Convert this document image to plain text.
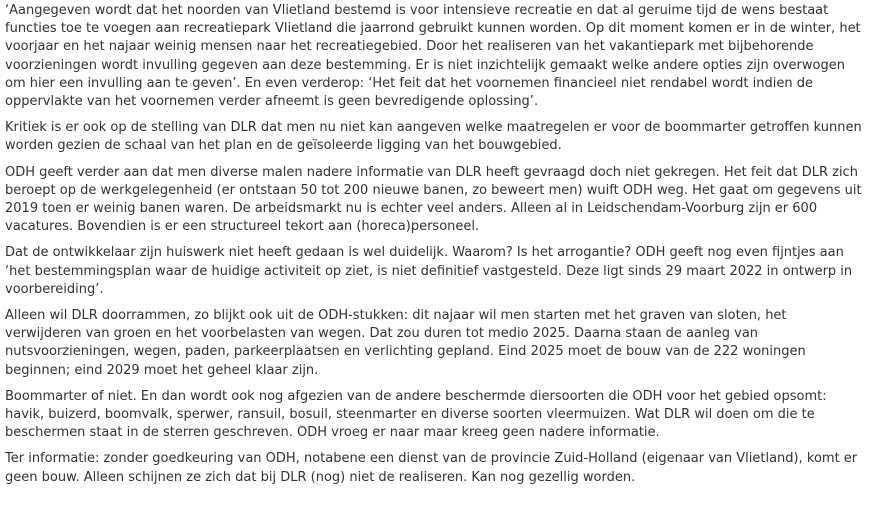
‘Aangegeven wordt dat het noorden van Vlietland bestemd is voor intensieve recreatie en dat al geruime tijd de wens bestaat functies toe te voegen aan recreatiepark Vlietland die jaarrond gebruikt kunnen worden. Op dit moment komen er in de winter, het voorjaar en het najaar weinig mensen naar het recreatiegebied. Door het realiseren van het vakantiepark met bijbehorende voorzieningen wordt invulling gegeven aan deze bestemming. Er is niet inzichtelijk gemaakt welke andere opties zijn overwogen om hier een invulling aan te geven’. En even verderop: ‘Het feit dat het voornemen financieel niet rendabel wordt indien de oppervlakte van het voornemen verder afneemt is geen bevredigende oplossing’.

Kritiek is er ook op de stelling van DLR dat men nu niet kan aangeven welke maatregelen er voor de boommarter getroffen kunnen worden gezien de schaal van het plan en de geïsoleerde ligging van het bouwgebied.

ODH geeft verder aan dat men diverse malen nadere informatie van DLR heeft gevraagd doch niet gekregen. Het feit dat DLR zich beroept op de werkgelegenheid (er ontstaan 50 tot 200 nieuwe banen, zo beweert men) wuift ODH weg. Het gaat om gegevens uit 2019 toen er weinig banen waren. De arbeidsmarkt nu is echter veel anders. Alleen al in Leidschendam-Voorburg zijn er 600 vacatures. Bovendien is er een structureel tekort aan (horeca)personeel.

Dat de ontwikkelaar zijn huiswerk niet heeft gedaan is wel duidelijk. Waarom? Is het arrogantie? ODH geeft nog even fijntjes aan ‘het bestemmingsplan waar de huidige activiteit op ziet, is niet definitief vastgesteld. Deze ligt sinds 29 maart 2022 in ontwerp in voorbereiding’.

Alleen wil DLR doorrammen, zo blijkt ook uit de ODH-stukken: dit najaar wil men starten met het graven van sloten, het verwijderen van groen en het voorbelasten van wegen. Dat zou duren tot medio 2025. Daarna staan de aanleg van nutsvoorzieningen, wegen, paden, parkeerplaatsen en verlichting gepland. Eind 2025 moet de bouw van de 222 woningen beginnen; eind 2029 moet het geheel klaar zijn.

Boommarter of niet. En dan wordt ook nog afgezien van de andere beschermde diersoorten die ODH voor het gebied opsomt: havik, buizerd, boomvalk, sperwer, ransuil, bosuil, steenmarter en diverse soorten vleermuizen. Wat DLR wil doen om die te beschermen staat in de sterren geschreven. ODH vroeg er naar maar kreeg geen nadere informatie.

Ter informatie: zonder goedkeuring van ODH, notabene een dienst van de provincie Zuid-Holland (eigenaar van Vlietland), komt er geen bouw. Alleen schijnen ze zich dat bij DLR (nog) niet de realiseren. Kan nog gezellig worden.
